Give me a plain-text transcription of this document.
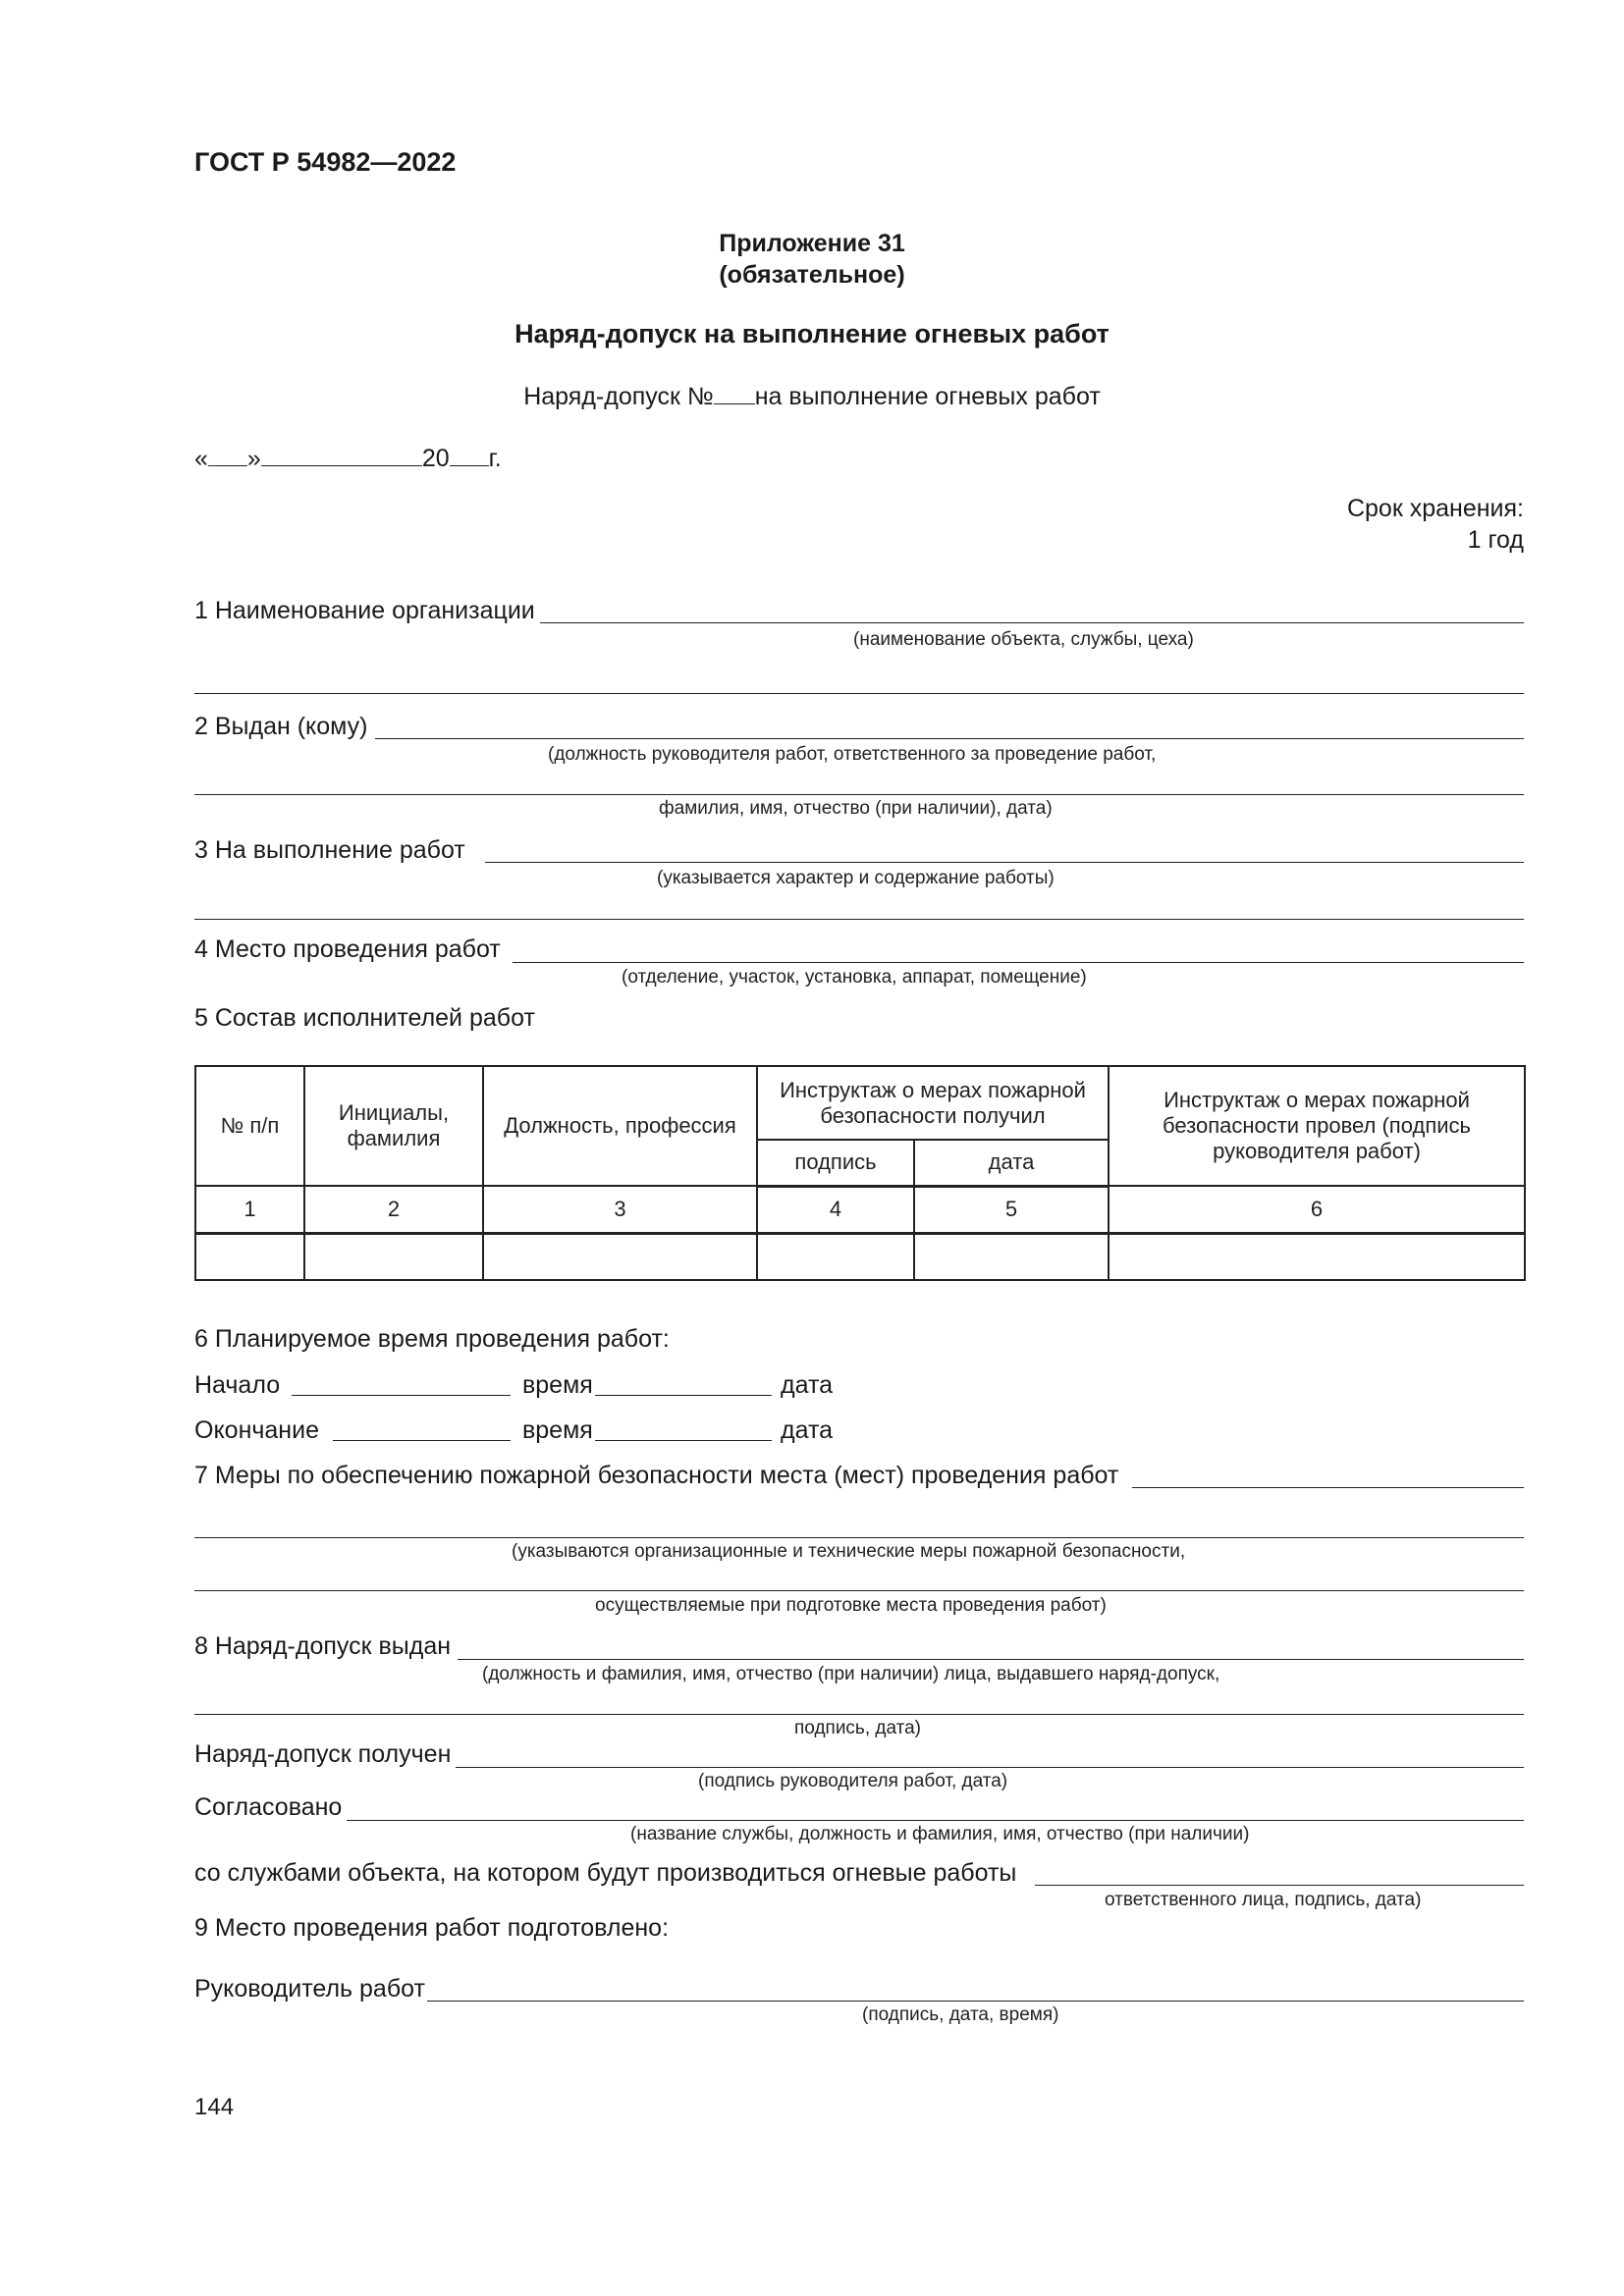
ГОСТ Р 54982—2022
Приложение 31
(обязательное)
Наряд-допуск на выполнение огневых работ
Наряд-допуск № на выполнение огневых работ
« »	20 г.
Срок хранения:
1 год
1 Наименование организации
(наименование объекта, службы, цеха)
2 Выдан (кому)
(должность руководителя работ, ответственного за проведение работ,
фамилия, имя, отчество (при наличии), дата)
3 На выполнение работ
(указывается характер и содержание работы)
4 Место проведения работ
(отделение, участок, установка, аппарат, помещение)
5 Состав исполнителей работ
№ п/п	Инициалы, фамилия	Должность, профессия	Инструктаж о мерах пожарной безопасности получил		Инструктаж о мерах пожарной безопасности провел (подпись руководителя работ)
			подпись	дата	
1	2	3	4	5	6

6 Планируемое время проведения работ:
Начало	время	дата
Окончание	время	дата
7 Меры по обеспечению пожарной безопасности места (мест) проведения работ
(указываются организационные и технические меры пожарной безопасности,
осуществляемые при подготовке места проведения работ)
8 Наряд-допуск выдан
(должность и фамилия, имя, отчество (при наличии) лица, выдавшего наряд-допуск,
подпись, дата)
Наряд-допуск получен
(подпись руководителя работ, дата)
Согласовано
(название службы, должность и фамилия, имя, отчество (при наличии)
со службами объекта, на котором будут производиться огневые работы
ответственного лица, подпись, дата)
9 Место проведения работ подготовлено:
Руководитель работ
(подпись, дата, время)
144
